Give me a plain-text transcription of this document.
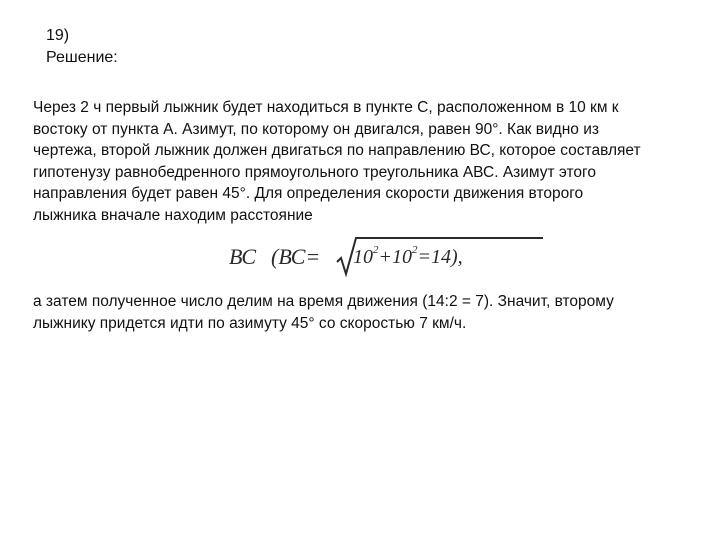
19)
Решение:
Через 2 ч первый лыжник будет находиться в пункте С, расположенном в 10 км к
востоку от пункта А. Азимут, по которому он двигался, равен 90°. Как видно из
чертежа, второй лыжник должен двигаться по направлению ВС, которое составляет
гипотенузу равнобедренного прямоугольного треугольника АВС. Азимут этого
направления будет равен 45°. Для определения скорости движения второго
лыжника вначале находим расстояние
ВС $(ВС= 10^2+10^2=14)$,
а затем полученное число делим на время движения (14:2 = 7). Значит, второму
лыжнику придется идти по азимуту 45° со скоростью 7 км/ч.
